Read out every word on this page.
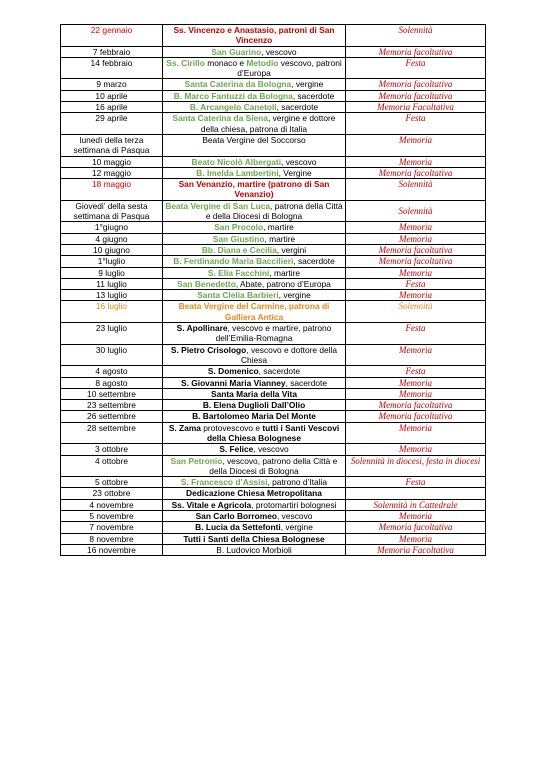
22 gennaio	Ss. Vincenzo e Anastasio, patroni di San Vincenzo	Solennità
7 febbraio	San Guarino, vescovo	Memoria facoltativa
14 febbraio	Ss. Cirillo monaco e Metodio vescovo, patroni d’Europa	Festa
9 marzo	Santa Caterina da Bologna, vergine	Memoria facoltativa
10 aprile	B. Marco Fantuzzi da Bologna, sacerdote	Memoria facoltativa
16 aprile	B. Arcangelo Canetoli, sacerdote	Memoria Facoltativa
29 aprile	Santa Caterina da Siena, vergine e dottore della chiesa, patrona di Italia	Festa
lunedì della terza settimana di Pasqua	Beata Vergine del Soccorso	Memoria
10 maggio	Beato Nicolò Albergati, vescovo	Memoria
12 maggio	B. Imelda Lambertini, Vergine	Memoria facoltativa
18 maggio	San Venanzio, martire (patrono di San Venanzio)	Solennità
Giovedi’ della sesta settimana di Pasqua	Beata Vergine di San Luca, patrona della Città e della Diocesi di Bologna	Solennità
1°giugno	San Procolo, martire	Memoria
4 giugno	San Giustino, martire	Memoria
10 giugno	Bb. Diana e Cecilia, vergini	Memoria facoltativa
1°luglio	B. Ferdinando Maria Baccilieri, sacerdote	Memoria facoltativa
9 luglio	S. Elia Facchini, martire	Memoria
11 luglio	San Benedetto, Abate, patrono d’Europa	Festa
13 luglio	Santa Clelia Barbieri, vergine	Memoria
16 luglio	Beata Vergine del Carmine, patrona di Galliera Antica	Solennità
23 luglio	S. Apollinare, vescovo e martire, patrono dell’Emilia-Romagna	Festa
30 luglio	S. Pietro Crisologo, vescovo e dottore della Chiesa	Memoria
4 agosto	S. Domenico, sacerdote	Festa
8 agosto	S. Giovanni Maria Vianney, sacerdote	Memoria
10 settembre	Santa Maria della Vita	Memoria
23 settembre	B. Elena Duglioli Dall’Olio	Memoria facoltativa
26 settembre	B. Bartolomeo Maria Del Monte	Memoria facoltativa
28 settembre	S. Zama protovescovo e tutti i Santi Vescovi della Chiesa Bolognese	Memoria
3 ottobre	S. Felice, vescovo	Memoria
4 ottobre	San Petronio, vescovo, patrono della Città e della Diocesi di Bologna	Solennità in diocesi, festa in diocesi
5 ottobre	S. Francesco d’Assisi, patrono d’Italia	Festa
23 ottobre	Dedicazione Chiesa Metropolitana	
4 novembre	Ss. Vitale e Agricola, protomartiri bolognesi	Solennità in Cattedrale
5 novembre	San Carlo Borromeo, vescovo	Memoria
7 novembre	B. Lucia da Settefonti, vergine	Memoria facoltativa
8 novembre	Tutti i Santi della Chiesa Bolognese	Memoria
16 novembre	B. Ludovico Morbioli	Memoria Facoltativa
